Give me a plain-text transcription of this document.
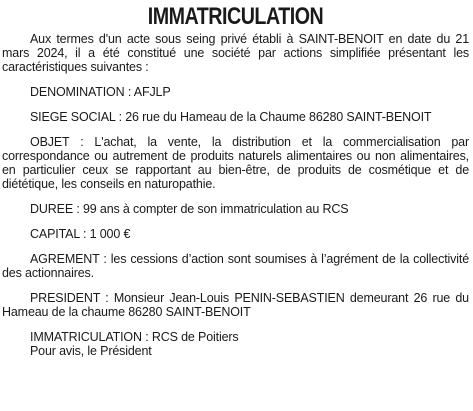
IMMATRICULATION

Aux termes d'un acte sous seing privé établi à SAINT-BENOIT en date du 21 mars 2024, il a été constitué une société par actions simplifiée présentant les caractéristiques suivantes :

DENOMINATION : AFJLP

SIEGE SOCIAL : 26 rue du Hameau de la Chaume 86280 SAINT-BENOIT

OBJET : L'achat, la vente, la distribution et la commercialisation par correspondance ou autrement de produits naturels alimentaires ou non alimentaires, en particulier ceux se rapportant au bien-être, de produits de cosmétique et de diététique, les conseils en naturopathie.

DUREE : 99 ans à compter de son immatriculation au RCS

CAPITAL : 1 000 €

AGREMENT : les cessions d’action sont soumises à l’agrément de la collectivité des actionnaires.

PRESIDENT : Monsieur Jean-Louis PENIN-SEBASTIEN demeurant 26 rue du Hameau de la chaume 86280 SAINT-BENOIT

IMMATRICULATION : RCS de Poitiers

Pour avis, le Président
